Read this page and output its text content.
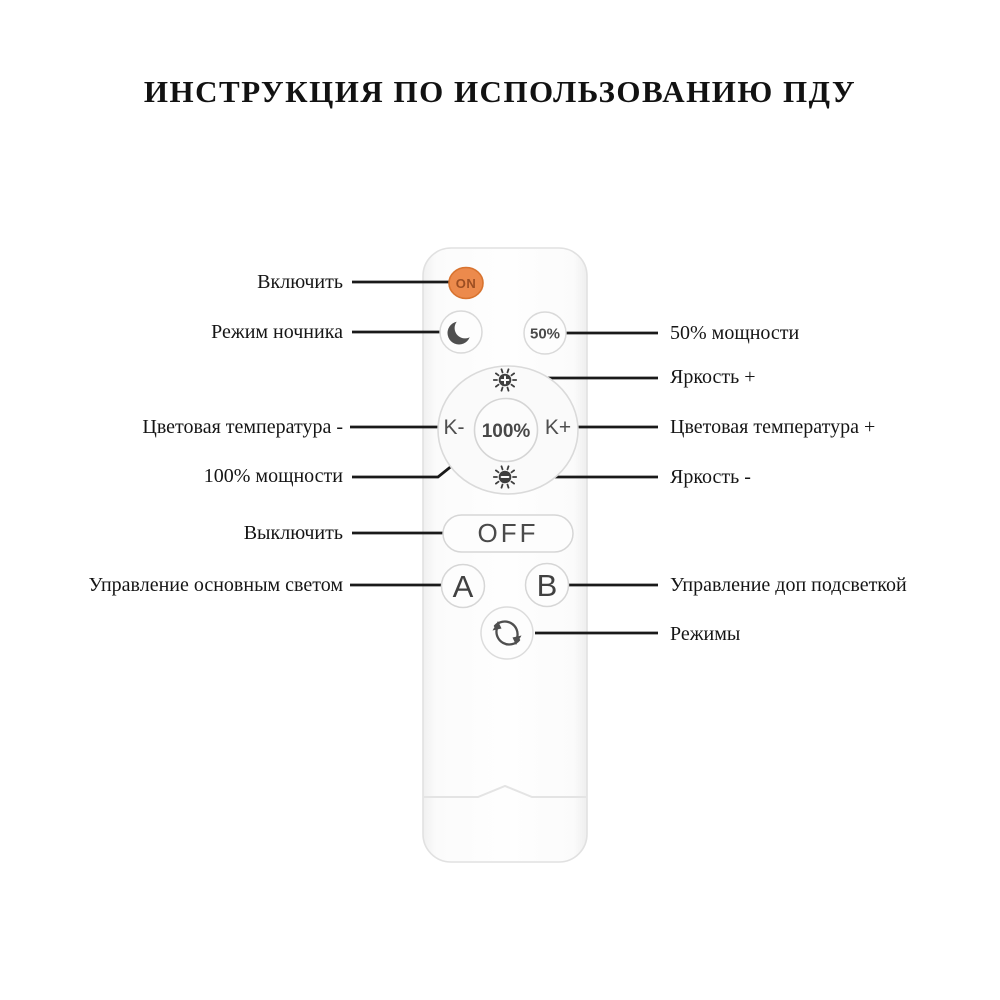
ИНСТРУКЦИЯ ПО ИСПОЛЬЗОВАНИЮ ПДУ
Включить
Режим ночника
Цветовая температура -
100% мощности
Выключить
Управление основным светом
50% мощности
Яркость +
Цветовая температура +
Яркость -
Управление доп подсветкой
Режимы
ON
50%
K-	K+
100%
OFF
A B
